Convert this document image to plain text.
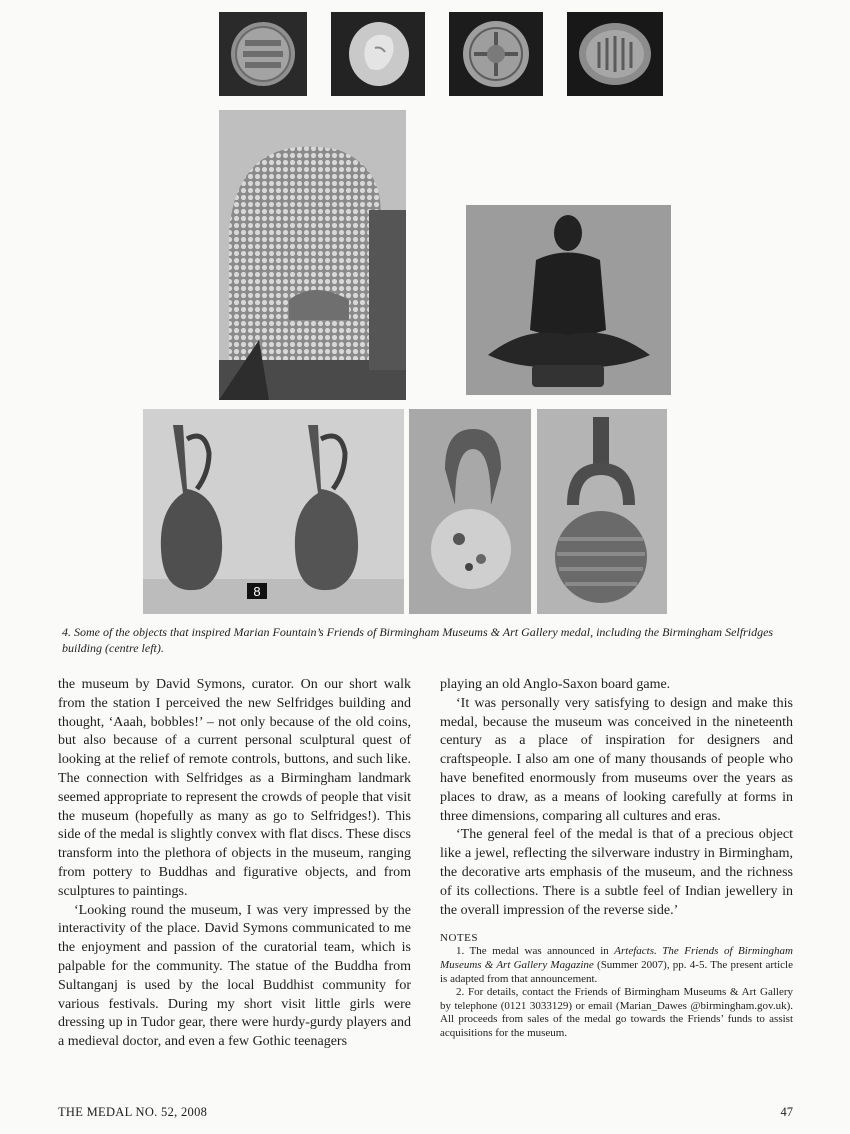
8
4. Some of the objects that inspired Marian Fountain’s Friends of Birmingham Museums & Art Gallery medal, including the Birmingham Selfridges building (centre left).

the museum by David Symons, curator. On our short walk from the station I perceived the new Selfridges building and thought, ‘Aaah, bobbles!’ – not only because of the old coins, but also because of a current personal sculptural quest of looking at the relief of remote controls, buttons, and such like. The connection with Selfridges as a Birmingham landmark seemed appropriate to represent the crowds of people that visit the museum (hopefully as many as go to Selfridges!). This side of the medal is slightly convex with flat discs. These discs transform into the plethora of objects in the museum, ranging from pottery to Buddhas and figurative objects, and from sculptures to paintings.

‘Looking round the museum, I was very impressed by the interactivity of the place. David Symons communicated to me the enjoyment and passion of the curatorial team, which is palpable for the community. The statue of the Buddha from Sultanganj is used by the local Buddhist community for various festivals. During my short visit little girls were dressing up in Tudor gear, there were hurdy-gurdy players and a medieval doctor, and even a few Gothic teenagers

playing an old Anglo-Saxon board game.

‘It was personally very satisfying to design and make this medal, because the museum was conceived in the nineteenth century as a place of inspiration for designers and craftspeople. I also am one of many thousands of people who have benefited enormously from museums over the years as places to draw, as a means of looking carefully at forms in three dimensions, comparing all cultures and eras.

‘The general feel of the medal is that of a precious object like a jewel, reflecting the silverware industry in Birmingham, the decorative arts emphasis of the museum, and the richness of its collections. There is a subtle feel of Indian jewellery in the overall impression of the reverse side.’

NOTES

1. The medal was announced in Artefacts. The Friends of Birmingham Museums & Art Gallery Magazine (Summer 2007), pp. 4-5. The present article is adapted from that announcement.

2. For details, contact the Friends of Birmingham Museums & Art Gallery by telephone (0121 3033129) or email (Marian_Dawes @birmingham.gov.uk). All proceeds from sales of the medal go towards the Friends’ funds to assist acquisitions for the museum.

THE MEDAL NO. 52, 2008	47
